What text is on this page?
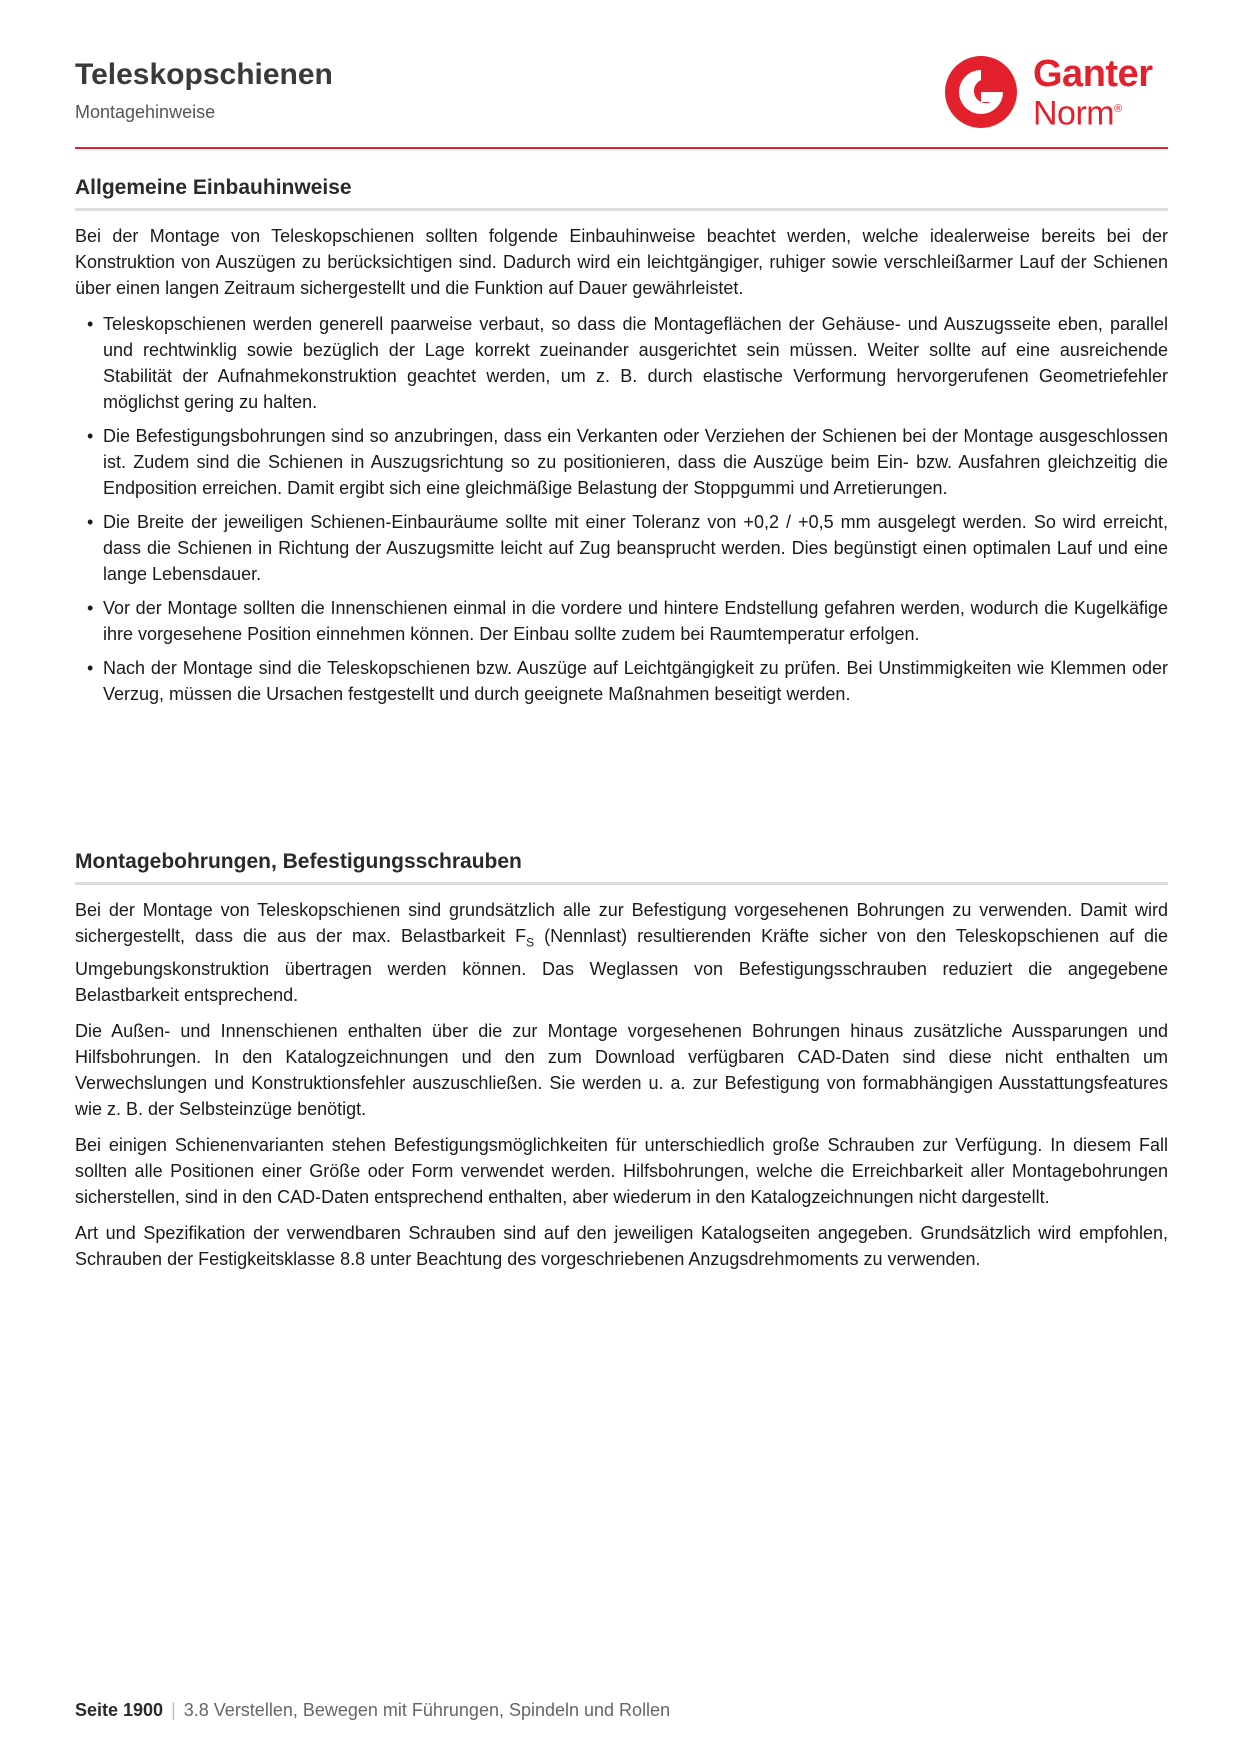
Teleskopschienen
Montagehinweise
Ganter
Norm®
Allgemeine Einbauhinweise

Bei der Montage von Teleskopschienen sollten folgende Einbauhinweise beachtet werden, welche idealerweise bereits bei der Konstruktion von Auszügen zu berücksichtigen sind. Dadurch wird ein leichtgängiger, ruhiger sowie verschleißarmer Lauf der Schienen über einen langen Zeitraum sichergestellt und die Funktion auf Dauer gewährleistet.

• Teleskopschienen werden generell paarweise verbaut, so dass die Montageflächen der Gehäuse- und Auszugsseite eben, parallel und rechtwinklig sowie bezüglich der Lage korrekt zueinander ausgerichtet sein müssen. Weiter sollte auf eine ausreichende Stabilität der Aufnahmekonstruktion geachtet werden, um z. B. durch elastische Verformung hervorgerufenen Geometriefehler möglichst gering zu halten.
• Die Befestigungsbohrungen sind so anzubringen, dass ein Verkanten oder Verziehen der Schienen bei der Montage ausgeschlossen ist. Zudem sind die Schienen in Auszugsrichtung so zu positionieren, dass die Auszüge beim Ein- bzw. Ausfahren gleichzeitig die Endposition erreichen. Damit ergibt sich eine gleichmäßige Belastung der Stoppgummi und Arretierungen.
• Die Breite der jeweiligen Schienen-Einbauräume sollte mit einer Toleranz von +0,2 / +0,5 mm ausgelegt werden. So wird erreicht, dass die Schienen in Richtung der Auszugsmitte leicht auf Zug beansprucht werden. Dies begünstigt einen optimalen Lauf und eine lange Lebensdauer.
• Vor der Montage sollten die Innenschienen einmal in die vordere und hintere Endstellung gefahren werden, wodurch die Kugelkäfige ihre vorgesehene Position einnehmen können. Der Einbau sollte zudem bei Raumtemperatur erfolgen.
• Nach der Montage sind die Teleskopschienen bzw. Auszüge auf Leichtgängigkeit zu prüfen. Bei Unstimmigkeiten wie Klemmen oder Verzug, müssen die Ursachen festgestellt und durch geeignete Maßnahmen beseitigt werden.
Montagebohrungen, Befestigungsschrauben

Bei der Montage von Teleskopschienen sind grundsätzlich alle zur Befestigung vorgesehenen Bohrungen zu verwenden. Damit wird sichergestellt, dass die aus der max. Belastbarkeit $F_S$ (Nennlast) resultierenden Kräfte sicher von den Teleskopschienen auf die Umgebungskonstruktion übertragen werden können. Das Weglassen von Befestigungsschrauben reduziert die angegebene Belastbarkeit entsprechend.

Die Außen- und Innenschienen enthalten über die zur Montage vorgesehenen Bohrungen hinaus zusätzliche Aussparungen und Hilfsbohrungen. In den Katalogzeichnungen und den zum Download verfügbaren CAD-Daten sind diese nicht enthalten um Verwechslungen und Konstruktionsfehler auszuschließen. Sie werden u. a. zur Befestigung von formabhängigen Ausstattungsfeatures wie z. B. der Selbsteinzüge benötigt.

Bei einigen Schienenvarianten stehen Befestigungsmöglichkeiten für unterschiedlich große Schrauben zur Verfügung. In diesem Fall sollten alle Positionen einer Größe oder Form verwendet werden. Hilfsbohrungen, welche die Erreichbarkeit aller Montagebohrungen sicherstellen, sind in den CAD-Daten entsprechend enthalten, aber wiederum in den Katalogzeichnungen nicht dargestellt.

Art und Spezifikation der verwendbaren Schrauben sind auf den jeweiligen Katalogseiten angegeben. Grundsätzlich wird empfohlen, Schrauben der Festigkeitsklasse 8.8 unter Beachtung des vorgeschriebenen Anzugsdrehmoments zu verwenden.

Seite 1900 | 3.8 Verstellen, Bewegen mit Führungen, Spindeln und Rollen
